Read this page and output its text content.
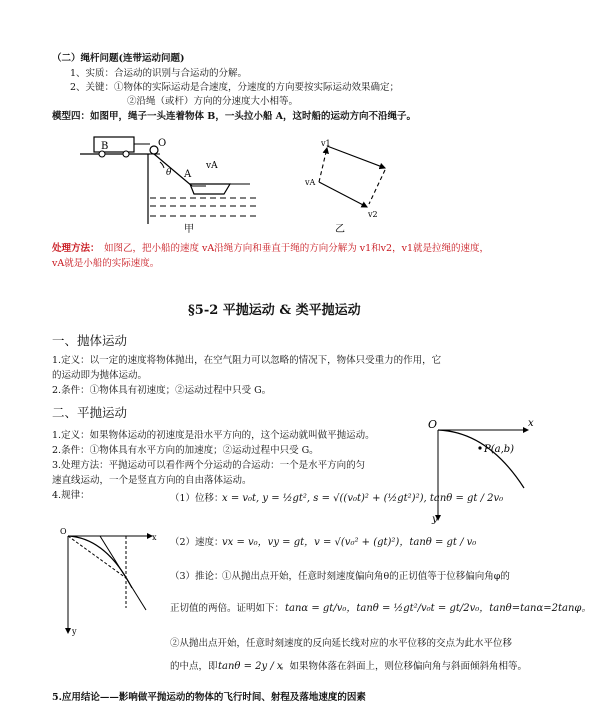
（二）绳杆问题(连带运动问题)
1、实质：合运动的识别与合运动的分解。
2、关键：①物体的实际运动是合速度，分速度的方向要按实际运动效果确定；
②沿绳（或杆）方向的分速度大小相等。
模型四：如图甲，绳子一头连着物体 B，一头拉小船 A，这时船的运动方向不沿绳子。
B	O
θ A
vA
甲
v1
vA
v2
乙
处理方法： 如图乙，把小船的速度 vA沿绳方向和垂直于绳的方向分解为 v1和v2，v1就是拉绳的速度，
vA就是小船的实际速度。
§5-2 平抛运动 & 类平抛运动
一、抛体运动
1.定义：以一定的速度将物体抛出，在空气阻力可以忽略的情况下，物体只受重力的作用，它
的运动即为抛体运动。
2.条件：①物体具有初速度；②运动过程中只受 G。
二、平抛运动
1.定义：如果物体运动的初速度是沿水平方向的，这个运动就叫做平抛运动。
2.条件：①物体具有水平方向的加速度；②运动过程中只受 G。
3.处理方法：平抛运动可以看作两个分运动的合运动：一个是水平方向的匀
速直线运动，一个是竖直方向的自由落体运动。
4.规律：
O	x
y
P(a,b)
（1）位移：
x = v₀t, y = ½gt², s = √((v₀t)² + (½gt²)²), tanθ = gt / 2v₀
O
x
y
（2）速度：
vx = v₀，vy = gt，v = √(v₀² + (gt)²)，tanθ = gt / v₀
（3）推论：
①从抛出点开始，任意时刻速度偏向角θ的正切值等于位移偏向角φ的
正切值的两倍。证明如下： tanα = gt/v₀，tanθ = ½gt²/v₀t = gt/2v₀，tanθ=tanα=2tanφ。
②从抛出点开始，任意时刻速度的反向延长线对应的水平位移的交点为此水平位移
的中点，即 tanθ = 2y / x
。如果物体落在斜面上，则位移偏向角与斜面倾斜角相等。
5.应用结论——影响做平抛运动的物体的飞行时间、射程及落地速度的因素
